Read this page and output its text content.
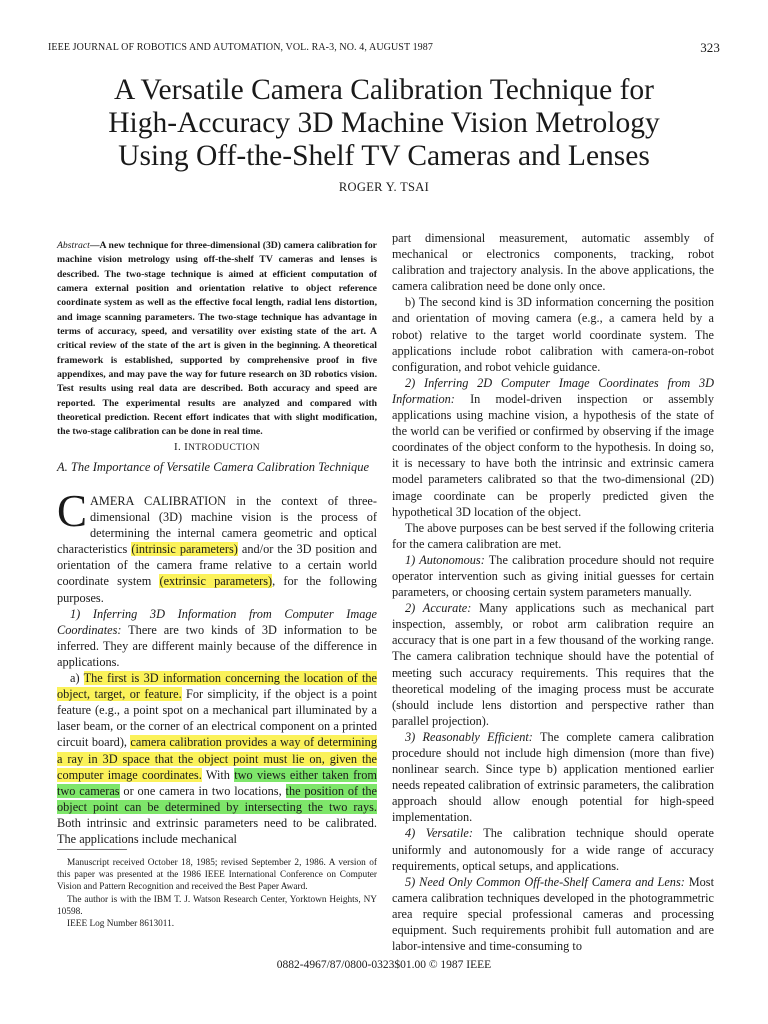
IEEE JOURNAL OF ROBOTICS AND AUTOMATION, VOL. RA-3, NO. 4, AUGUST 1987	323
A Versatile Camera Calibration Technique for
High-Accuracy 3D Machine Vision Metrology
Using Off-the-Shelf TV Cameras and Lenses
ROGER Y. TSAI
Abstract—A new technique for three-dimensional (3D) camera calibration for machine vision metrology using off-the-shelf TV cameras and lenses is described. The two-stage technique is aimed at efficient computation of camera external position and orientation relative to object reference coordinate system as well as the effective focal length, radial lens distortion, and image scanning parameters. The two-stage technique has advantage in terms of accuracy, speed, and versatility over existing state of the art. A critical review of the state of the art is given in the beginning. A theoretical framework is established, supported by comprehensive proof in five appendixes, and may pave the way for future research on 3D robotics vision. Test results using real data are described. Both accuracy and speed are reported. The experimental results are analyzed and compared with theoretical prediction. Recent effort indicates that with slight modification, the two-stage calibration can be done in real time.
I. INTRODUCTION
A. The Importance of Versatile Camera Calibration Technique

CAMERA CALIBRATION in the context of three-dimensional (3D) machine vision is the process of determining the internal camera geometric and optical characteristics (intrinsic parameters) and/or the 3D position and orientation of the camera frame relative to a certain world coordinate system (extrinsic parameters), for the following purposes.

1) Inferring 3D Information from Computer Image Coordinates: There are two kinds of 3D information to be inferred. They are different mainly because of the difference in applications.

a) The first is 3D information concerning the location of the object, target, or feature. For simplicity, if the object is a point feature (e.g., a point spot on a mechanical part illuminated by a laser beam, or the corner of an electrical component on a printed circuit board), camera calibration provides a way of determining a ray in 3D space that the object point must lie on, given the computer image coordinates. With two views either taken from two cameras or one camera in two locations, the position of the object point can be determined by intersecting the two rays. Both intrinsic and extrinsic parameters need to be calibrated. The applications include mechanical

Manuscript received October 18, 1985; revised September 2, 1986. A version of this paper was presented at the 1986 IEEE International Conference on Computer Vision and Pattern Recognition and received the Best Paper Award.

The author is with the IBM T. J. Watson Research Center, Yorktown Heights, NY 10598.

IEEE Log Number 8613011.

part dimensional measurement, automatic assembly of mechanical or electronics components, tracking, robot calibration and trajectory analysis. In the above applications, the camera calibration need be done only once.

b) The second kind is 3D information concerning the position and orientation of moving camera (e.g., a camera held by a robot) relative to the target world coordinate system. The applications include robot calibration with camera-on-robot configuration, and robot vehicle guidance.

2) Inferring 2D Computer Image Coordinates from 3D Information: In model-driven inspection or assembly applications using machine vision, a hypothesis of the state of the world can be verified or confirmed by observing if the image coordinates of the object conform to the hypothesis. In doing so, it is necessary to have both the intrinsic and extrinsic camera model parameters calibrated so that the two-dimensional (2D) image coordinate can be properly predicted given the hypothetical 3D location of the object.

The above purposes can be best served if the following criteria for the camera calibration are met.

1) Autonomous: The calibration procedure should not require operator intervention such as giving initial guesses for certain parameters, or choosing certain system parameters manually.

2) Accurate: Many applications such as mechanical part inspection, assembly, or robot arm calibration require an accuracy that is one part in a few thousand of the working range. The camera calibration technique should have the potential of meeting such accuracy requirements. This requires that the theoretical modeling of the imaging process must be accurate (should include lens distortion and perspective rather than parallel projection).

3) Reasonably Efficient: The complete camera calibration procedure should not include high dimension (more than five) nonlinear search. Since type b) application mentioned earlier needs repeated calibration of extrinsic parameters, the calibration approach should allow enough potential for high-speed implementation.

4) Versatile: The calibration technique should operate uniformly and autonomously for a wide range of accuracy requirements, optical setups, and applications.

5) Need Only Common Off-the-Shelf Camera and Lens: Most camera calibration techniques developed in the photogrammetric area require special professional cameras and processing equipment. Such requirements prohibit full automation and are labor-intensive and time-consuming to

0882-4967/87/0800-0323$01.00 © 1987 IEEE
